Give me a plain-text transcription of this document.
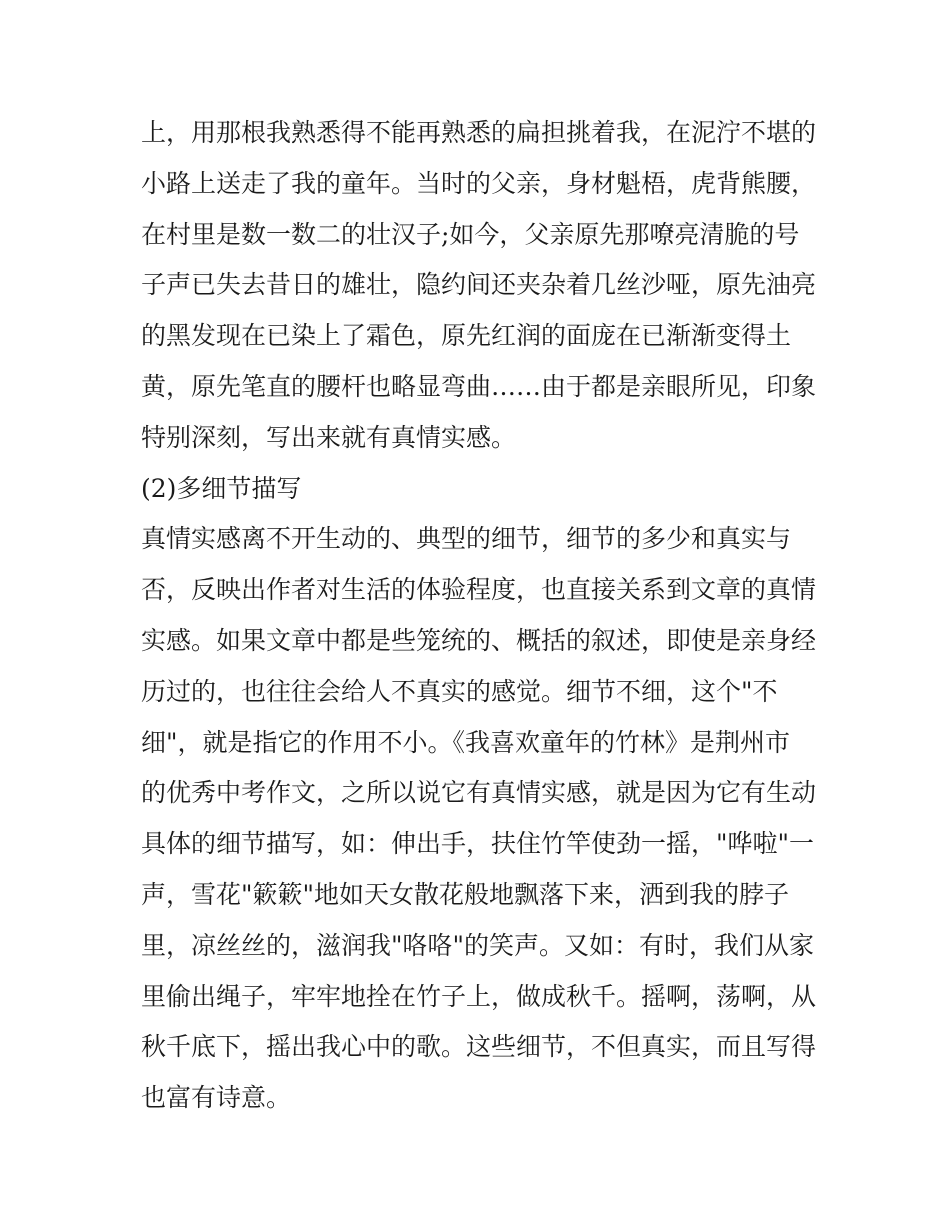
上，用那根我熟悉得不能再熟悉的扁担挑着我，在泥泞不堪的
小路上送走了我的童年。当时的父亲，身材魁梧，虎背熊腰，
在村里是数一数二的壮汉子;如今，父亲原先那嘹亮清脆的号
子声已失去昔日的雄壮，隐约间还夹杂着几丝沙哑，原先油亮
的黑发现在已染上了霜色，原先红润的面庞在已渐渐变得土
黄，原先笔直的腰杆也略显弯曲……由于都是亲眼所见，印象
特别深刻，写出来就有真情实感。
(2)多细节描写
真情实感离不开生动的、典型的细节，细节的多少和真实与
否，反映出作者对生活的体验程度，也直接关系到文章的真情
实感。如果文章中都是些笼统的、概括的叙述，即使是亲身经
历过的，也往往会给人不真实的感觉。细节不细，这个"不
细"，就是指它的作用不小。《我喜欢童年的竹林》是荆州市
的优秀中考作文，之所以说它有真情实感，就是因为它有生动
具体的细节描写，如：伸出手，扶住竹竿使劲一摇，"哗啦"一
声，雪花"簌簌"地如天女散花般地飘落下来，洒到我的脖子
里，凉丝丝的，滋润我"咯咯"的笑声。又如：有时，我们从家
里偷出绳子，牢牢地拴在竹子上，做成秋千。摇啊，荡啊，从
秋千底下，摇出我心中的歌。这些细节，不但真实，而且写得
也富有诗意。
